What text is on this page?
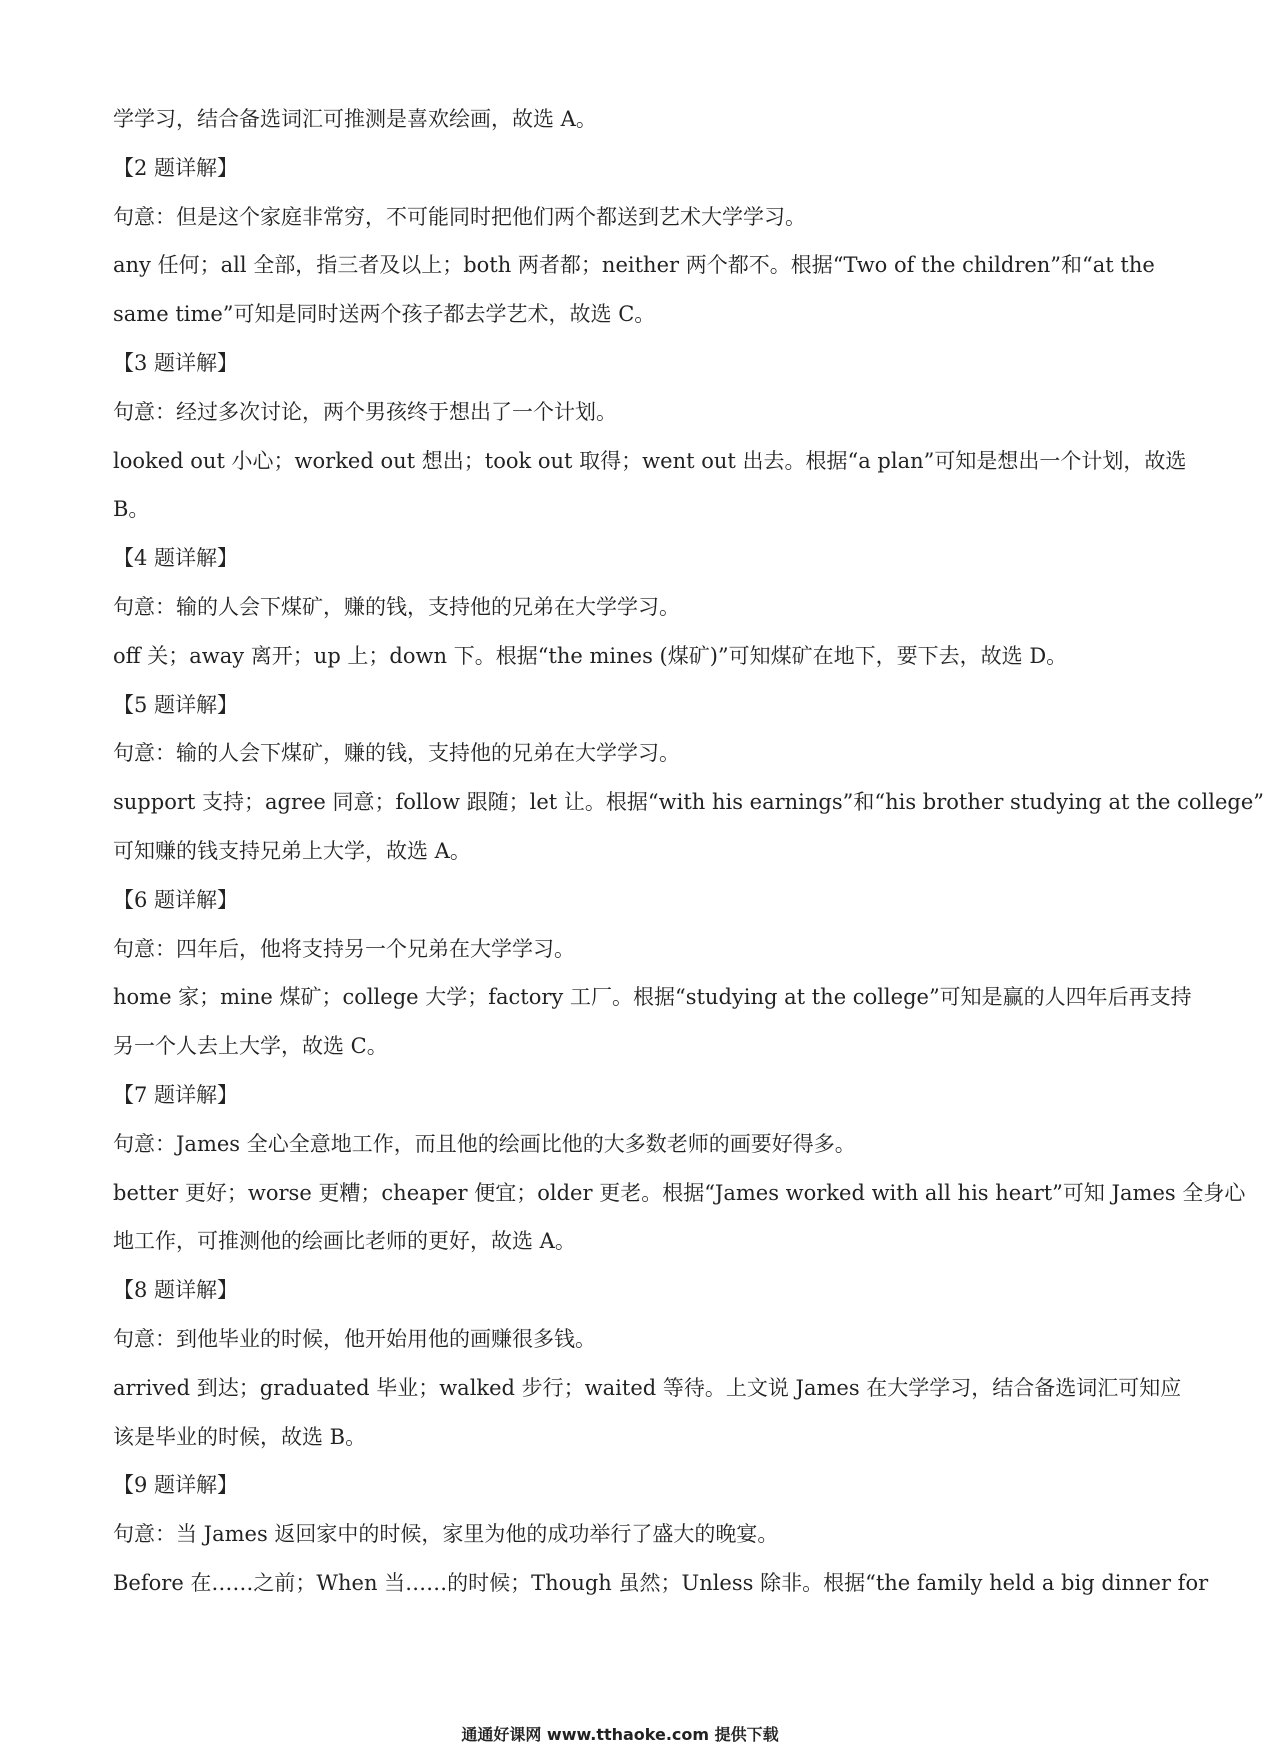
学学习，结合备选词汇可推测是喜欢绘画，故选 A。
【2 题详解】
句意：但是这个家庭非常穷，不可能同时把他们两个都送到艺术大学学习。
any 任何；all 全部，指三者及以上；both 两者都；neither 两个都不。根据“Two of the children”和“at the
same time”可知是同时送两个孩子都去学艺术，故选 C。
【3 题详解】
句意：经过多次讨论，两个男孩终于想出了一个计划。
looked out 小心；worked out 想出；took out 取得；went out 出去。根据“a plan”可知是想出一个计划，故选
B。
【4 题详解】
句意：输的人会下煤矿，赚的钱，支持他的兄弟在大学学习。
off 关；away 离开；up 上；down 下。根据“the mines (煤矿)”可知煤矿在地下，要下去，故选 D。
【5 题详解】
句意：输的人会下煤矿，赚的钱，支持他的兄弟在大学学习。
support 支持；agree 同意；follow 跟随；let 让。根据“with his earnings”和“his brother studying at the college”
可知赚的钱支持兄弟上大学，故选 A。
【6 题详解】
句意：四年后，他将支持另一个兄弟在大学学习。
home 家；mine 煤矿；college 大学；factory 工厂。根据“studying at the college”可知是赢的人四年后再支持
另一个人去上大学，故选 C。
【7 题详解】
句意：James 全心全意地工作，而且他的绘画比他的大多数老师的画要好得多。
better 更好；worse 更糟；cheaper 便宜；older 更老。根据“James worked with all his heart”可知 James 全身心
地工作，可推测他的绘画比老师的更好，故选 A。
【8 题详解】
句意：到他毕业的时候，他开始用他的画赚很多钱。
arrived 到达；graduated 毕业；walked 步行；waited 等待。上文说 James 在大学学习，结合备选词汇可知应
该是毕业的时候，故选 B。
【9 题详解】
句意：当 James 返回家中的时候，家里为他的成功举行了盛大的晚宴。
Before 在……之前；When 当……的时候；Though 虽然；Unless 除非。根据“the family held a big dinner for
通通好课网 www.tthaoke.com 提供下载
